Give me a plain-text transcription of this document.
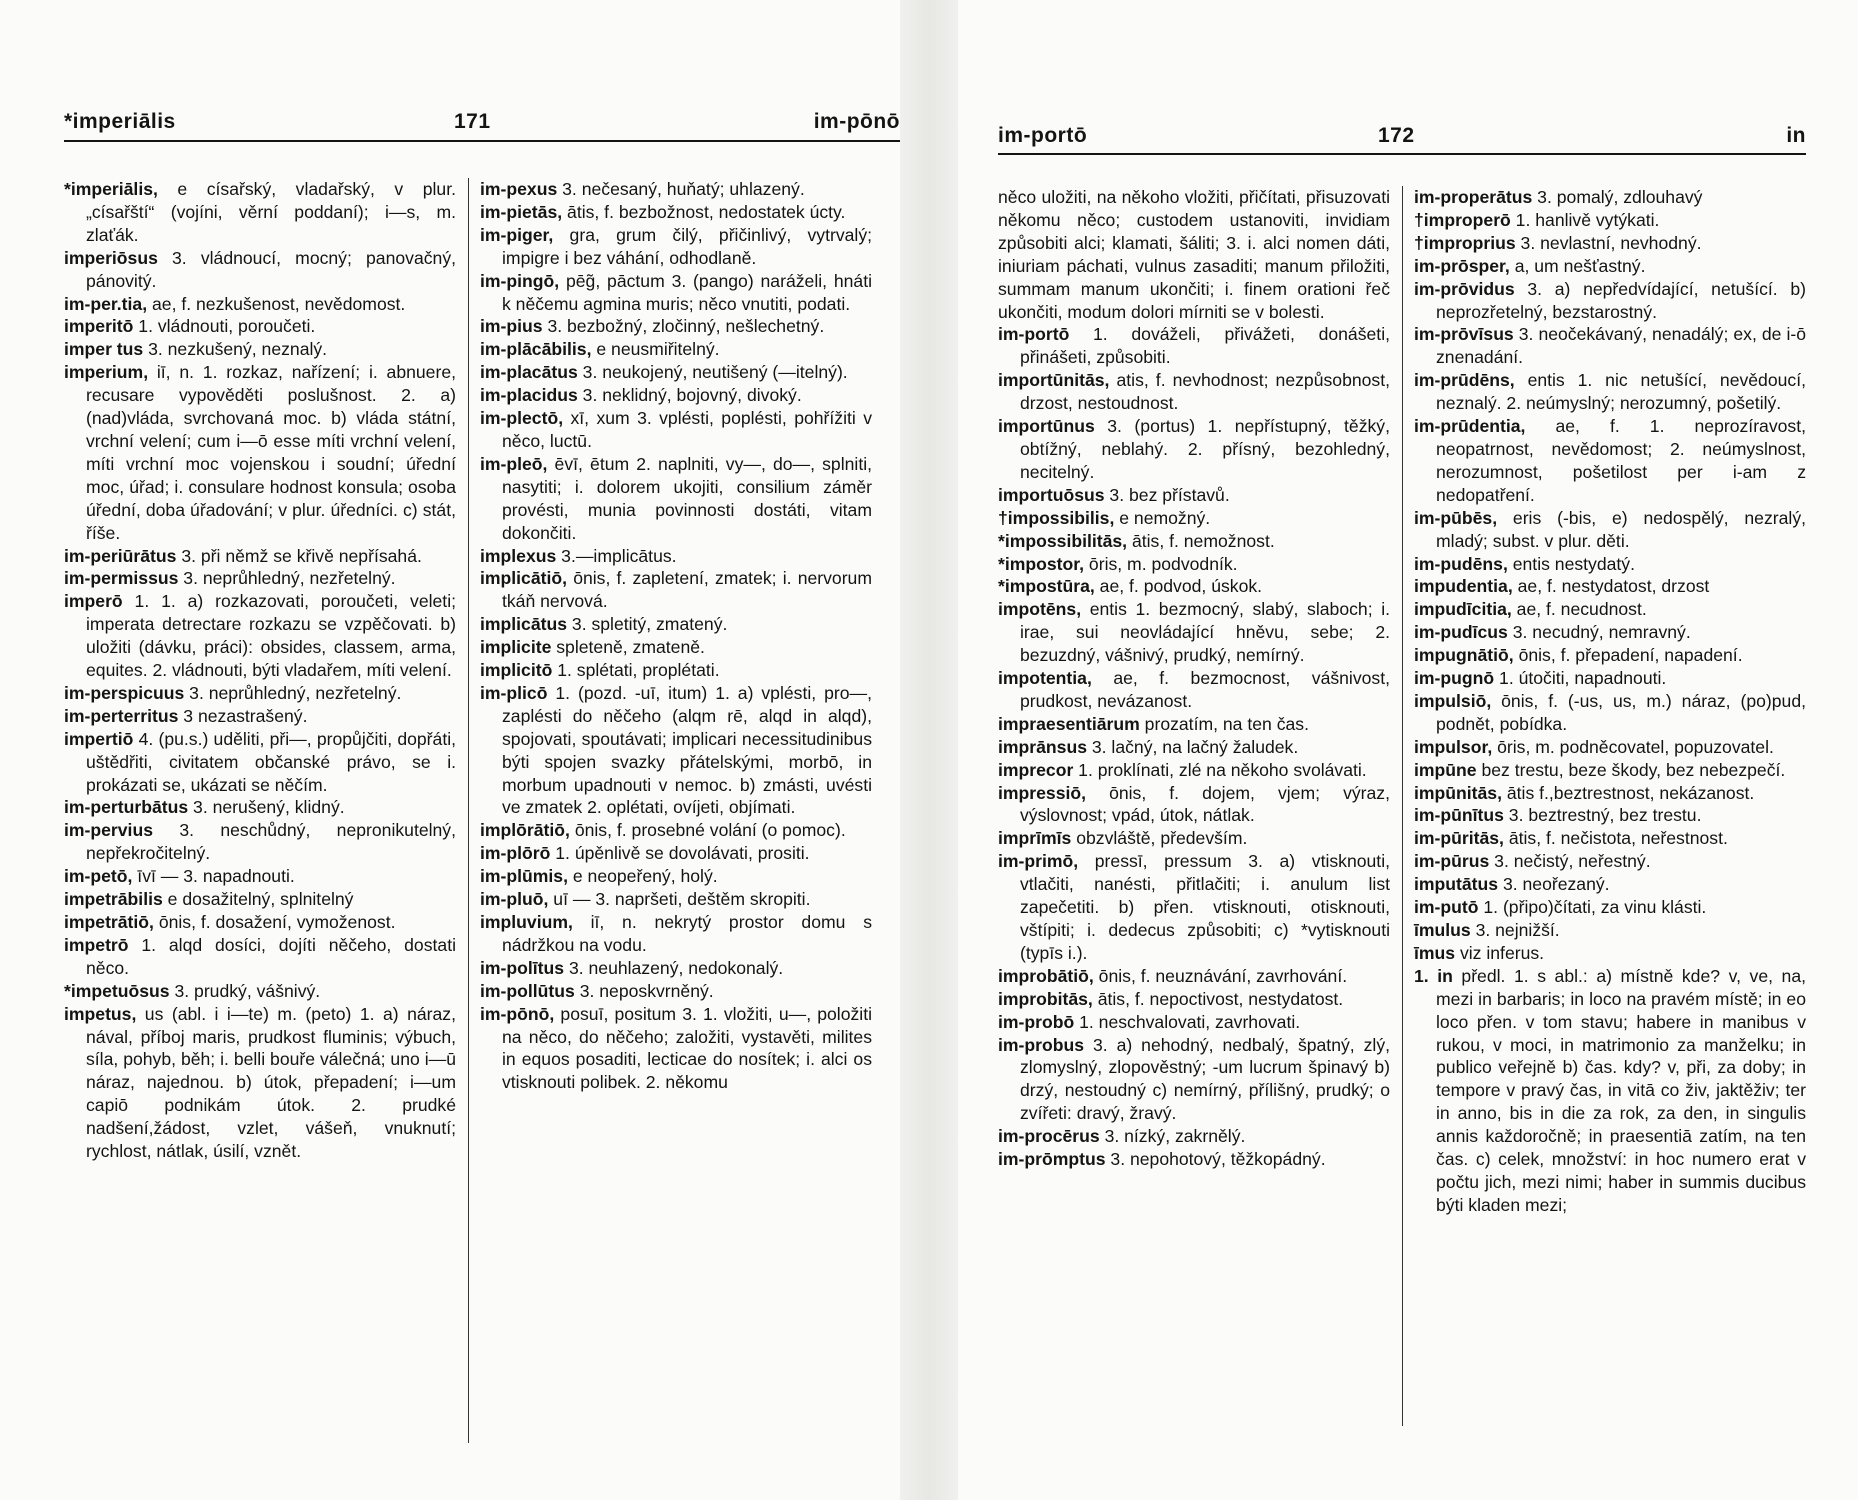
*imperiālis	171	im-pōnō

*imperiālis, e císařský, vladařský, v plur. „císařští“ (vojíni, věrní poddaní); i—s, m. zlaťák.

imperiōsus 3. vládnoucí, mocný; panovačný, pánovitý.

im-per.tia, ae, f. nezkušenost, nevědomost.

imperitō 1. vládnouti, poroučeti.

imper tus 3. nezkušený, neznalý.

imperium, iī, n. 1. rozkaz, nařízení; i. abnuere, recusare vypověděti poslušnost. 2. a) (nad)vláda, svrchovaná moc. b) vláda státní, vrchní velení; cum i—ō esse míti vrchní velení, míti vrchní moc vojenskou i soudní; úřední moc, úřad; i. consulare hodnost konsula; osoba úřední, doba úřadování; v plur. úředníci. c) stát, říše.

im-periūrātus 3. při němž se křivě nepřísahá.

im-permissus 3. neprůhledný, nezřetelný.

imperō 1. 1. a) rozkazovati, poroučeti, veleti; imperata detrectare rozkazu se vzpěčovati. b) uložiti (dávku, práci): obsides, classem, arma, equites. 2. vládnouti, býti vladařem, míti velení.

im-perspicuus 3. neprůhledný, nezřetelný.

im-perterritus 3 nezastrašený.

impertiō 4. (pu.s.) uděliti, při—, propůjčiti, dopřáti, uštědřiti, civitatem občanské právo, se i. prokázati se, ukázati se něčím.

im-perturbātus 3. nerušený, klidný.

im-pervius 3. neschůdný, nepronikutelný, nepřekročitelný.

im-petō, īvī — 3. napadnouti.

impetrābilis e dosažitelný, splnitelný

impetrātiō, ōnis, f. dosažení, vymoženost.

impetrō 1. alqd dosíci, dojíti něčeho, dostati něco.

*impetuōsus 3. prudký, vášnivý.

impetus, us (abl. i i—te) m. (peto) 1. a) náraz, nával, příboj maris, prudkost fluminis; výbuch, síla, pohyb, běh; i. belli bouře válečná; uno i—ū náraz, najednou. b) útok, přepadení; i—um capiō podnikám útok. 2. prudké nadšení,žádost, vzlet, vášeň, vnuknutí; rychlost, nátlak, úsilí, vznět.

im-pexus 3. nečesaný, huňatý; uhlazený.

im-pietās, ātis, f. bezbožnost, nedostatek úcty.

im-piger, gra, grum čilý, přičinlivý, vytrvalý; impigre i bez váhání, odhodlaně.

im-pingō, pēg̃, pāctum 3. (pango) naráželi, hnáti k něčemu agmina muris; něco vnutiti, podati.

im-pius 3. bezbožný, zločinný, nešlechetný.

im-plācābilis, e neusmiřitelný.

im-placātus 3. neukojený, neutišený (—itelný).

im-placidus 3. neklidný, bojovný, divoký.

im-plectō, xī, xum 3. vplésti, poplésti, pohřížiti v něco, luctū.

im-pleō, ēvī, ētum 2. naplniti, vy—, do—, splniti, nasytiti; i. dolorem ukojiti, consilium záměr provésti, munia povinnosti dostáti, vitam dokončiti.

implexus 3.—implicātus.

implicātiō, ōnis, f. zapletení, zmatek; i. nervorum tkáň nervová.

implicātus 3. spletitý, zmatený.

implicite spleteně, zmateně.

implicitō 1. splétati, proplétati.

im-plicō 1. (pozd. -uī, itum) 1. a) vplésti, pro—, zaplésti do něčeho (alqm rē, alqd in alqd), spojovati, spoutávati; implicari necessitudinibus býti spojen svazky přátelskými, morbō, in morbum upadnouti v nemoc. b) zmásti, uvésti ve zmatek 2. oplétati, ovíjeti, objímati.

implōrātiō, ōnis, f. prosebné volání (o pomoc).

im-plōrō 1. úpěnlivě se dovolávati, prositi.

im-plūmis, e neopeřený, holý.

im-pluō, uī — 3. napršeti, deštěm skropiti.

impluvium, iī, n. nekrytý prostor domu s nádržkou na vodu.

im-polītus 3. neuhlazený, nedokonalý.

im-pollūtus 3. neposkvrněný.

im-pōnō, posuī, positum 3. 1. vložiti, u—, položiti na něco, do něčeho; založiti, vystavěti, milites in equos posaditi, lecticae do nosítek; i. alci os vtisknouti polibek. 2. někomu

im-portō	172	in

něco uložiti, na někoho vložiti, přičítati, přisuzovati někomu něco; custodem ustanoviti, invidiam způsobiti alci; klamati, šáliti; 3. i. alci nomen dáti, iniuriam páchati, vulnus zasaditi; manum přiložiti, summam manum ukončiti; i. finem orationi řeč ukončiti, modum dolori mírniti se v bolesti.

im-portō 1. dováželi, přivážeti, donášeti, přinášeti, způsobiti.

importūnitās, atis, f. nevhodnost; nezpůsobnost, drzost, nestoudnost.

importūnus 3. (portus) 1. nepřístupný, těžký, obtížný, neblahý. 2. přísný, bezohledný, necitelný.

importuōsus 3. bez přístavů.

†impossibilis, e nemožný.

*impossibilitās, ātis, f. nemožnost.

*impostor, ōris, m. podvodník.

*impostūra, ae, f. podvod, úskok.

impotēns, entis 1. bezmocný, slabý, slaboch; i. irae, sui neovládající hněvu, sebe; 2. bezuzdný, vášnivý, prudký, nemírný.

impotentia, ae, f. bezmocnost, vášnivost, prudkost, nevázanost.

impraesentiārum prozatím, na ten čas.

imprānsus 3. lačný, na lačný žaludek.

imprecor 1. proklínati, zlé na někoho svolávati.

impressiō, ōnis, f. dojem, vjem; výraz, výslovnost; vpád, útok, nátlak.

imprīmīs obzvláště, především.

im-primō, pressī, pressum 3. a) vtisknouti, vtlačiti, nanésti, přitlačiti; i. anulum list zapečetiti. b) přen. vtisknouti, otisknouti, vštípiti; i. dedecus způsobiti; c) *vytisknouti (typīs i.).

improbātiō, ōnis, f. neuznávání, zavrhování.

improbitās, ātis, f. nepoctivost, nestydatost.

im-probō 1. neschvalovati, zavrhovati.

im-probus 3. a) nehodný, nedbalý, špatný, zlý, zlomyslný, zlopověstný; -um lucrum špinavý b) drzý, nestoudný c) nemírný, přílišný, prudký; o zvířeti: dravý, žravý.

im-procērus 3. nízký, zakrnělý.

im-prōmptus 3. nepohotový, těžkopádný.

im-properātus 3. pomalý, zdlouhavý

†improperō 1. hanlivě vytýkati.

†improprius 3. nevlastní, nevhodný.

im-prōsper, a, um nešťastný.

im-prōvidus 3. a) nepředvídající, netušící. b) neprozřetelný, bezstarostný.

im-prōvīsus 3. neočekávaný, nenadálý; ex, de i-ō znenadání.

im-prūdēns, entis 1. nic netušící, nevědoucí, neznalý. 2. neúmyslný; nerozumný, pošetilý.

im-prūdentia, ae, f. 1. neprozíravost, neopatrnost, nevědomost; 2. neúmyslnost, nerozumnost, pošetilost per i-am z nedopatření.

im-pūbēs, eris (-bis, e) nedospělý, nezralý, mladý; subst. v plur. děti.

im-pudēns, entis nestydatý.

impudentia, ae, f. nestydatost, drzost

impudīcitia, ae, f. necudnost.

im-pudīcus 3. necudný, nemravný.

impugnātiō, ōnis, f. přepadení, napadení.

im-pugnō 1. útočiti, napadnouti.

impulsiō, ōnis, f. (-us, us, m.) náraz, (po)pud, podnět, pobídka.

impulsor, ōris, m. podněcovatel, popuzovatel.

impūne bez trestu, beze škody, bez nebezpečí.

impūnitās, ātis f.,beztrestnost, nekázanost.

im-pūnītus 3. beztrestný, bez trestu.

im-pūritās, ātis, f. nečistota, neřestnost.

im-pūrus 3. nečistý, neřestný.

imputātus 3. neořezaný.

im-putō 1. (připo)čítati, za vinu klásti.

īmulus 3. nejnižší.

īmus viz inferus.

1. in předl. 1. s abl.: a) místně kde? v, ve, na, mezi in barbaris; in loco na pravém místě; in eo loco přen. v tom stavu; habere in manibus v rukou, v moci, in matrimonio za manželku; in publico veřejně b) čas. kdy? v, při, za doby; in tempore v pravý čas, in vitā co živ, jaktěživ; ter in anno, bis in die za rok, za den, in singulis annis každoročně; in praesentiā zatím, na ten čas. c) celek, množství: in hoc numero erat v počtu jich, mezi nimi; haber in summis ducibus býti kladen mezi;
